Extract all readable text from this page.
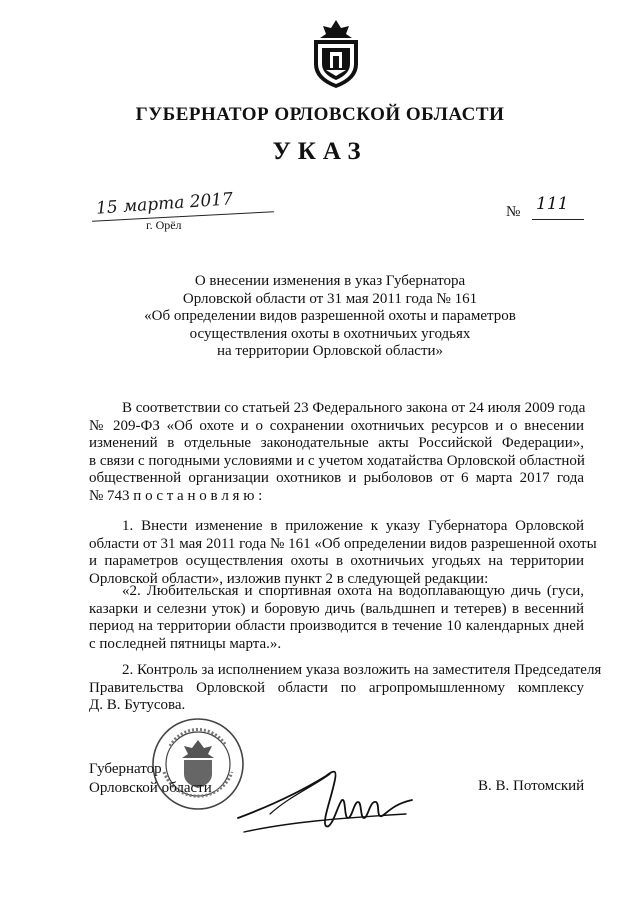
ГУБЕРНАТОР ОРЛОВСКОЙ ОБЛАСТИ
УКАЗ
15 марта 2017
г. Орёл
№ 111
О внесении изменения в указ Губернатора
Орловской области от 31 мая 2011 года № 161
«Об определении видов разрешенной охоты и параметров
осуществления охоты в охотничьих угодьях
на территории Орловской области»
В соответствии со статьей 23 Федерального закона от 24 июля 2009 года
№ 209-ФЗ «Об охоте и о сохранении охотничьих ресурсов и о внесении
изменений в отдельные законодательные акты Российской Федерации»,
в связи с погодными условиями и с учетом ходатайства Орловской областной
общественной организации охотников и рыболовов от 6 марта 2017 года
№ 743 п о с т а н о в л я ю :
1. Внести изменение в приложение к указу Губернатора Орловской
области от 31 мая 2011 года № 161 «Об определении видов разрешенной охоты
и параметров осуществления охоты в охотничьих угодьях на территории
Орловской области», изложив пункт 2 в следующей редакции:
«2. Любительская и спортивная охота на водоплавающую дичь (гуси,
казарки и селезни уток) и боровую дичь (вальдшнеп и тетерев) в весенний
период на территории области производится в течение 10 календарных дней
с последней пятницы марта.».
2. Контроль за исполнением указа возложить на заместителя Председателя
Правительства Орловской области по агропромышленному комплексу
Д. В. Бутусова.
Губернатор
Орловской области	В. В. Потомский
